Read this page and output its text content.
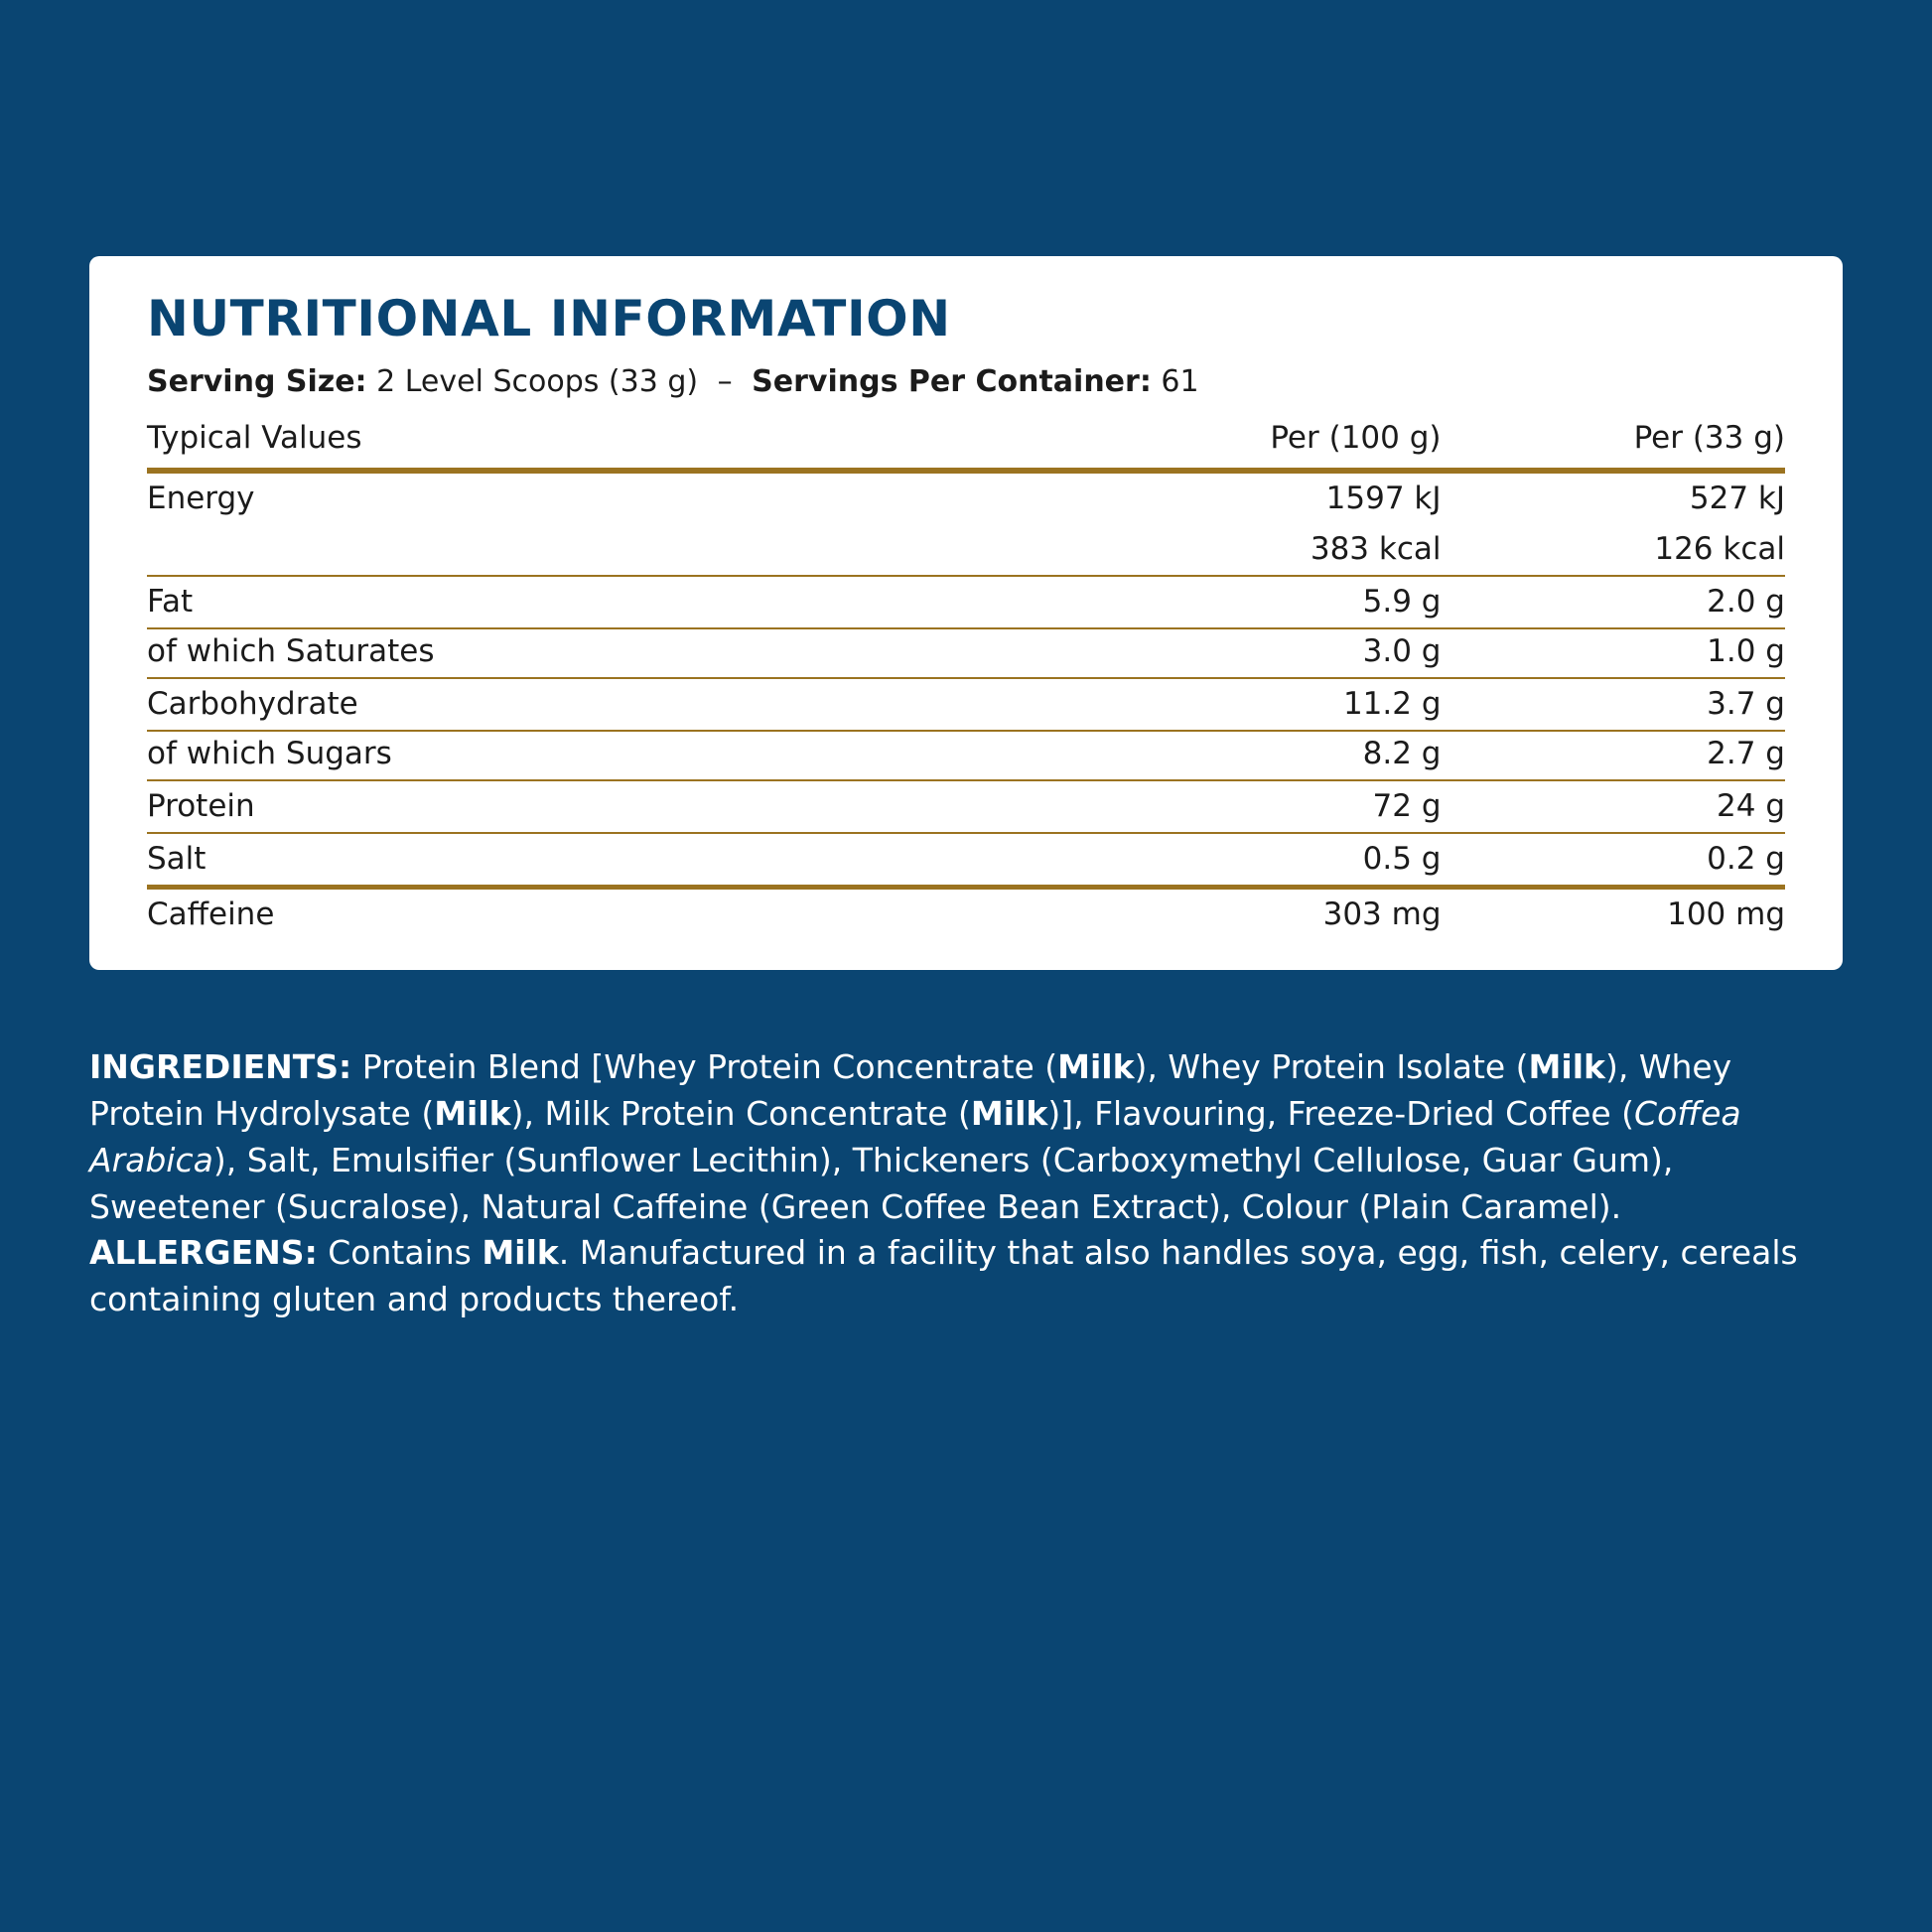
NUTRITIONAL INFORMATION
Serving Size: 2 Level Scoops (33 g) – Servings Per Container: 61
Typical Values	Per (100 g)	Per (33 g)
Energy	1597 kJ	527 kJ
	383 kcal	126 kcal
Fat	5.9 g	2.0 g
of which Saturates	3.0 g	1.0 g
Carbohydrate	11.2 g	3.7 g
of which Sugars	8.2 g	2.7 g
Protein	72 g	24 g
Salt	0.5 g	0.2 g
Caffeine	303 mg	100 mg

INGREDIENTS: Protein Blend [Whey Protein Concentrate (Milk), Whey Protein Isolate (Milk), Whey Protein Hydrolysate (Milk), Milk Protein Concentrate (Milk)], Flavouring, Freeze-Dried Coffee (Coffea Arabica), Salt, Emulsifier (Sunflower Lecithin), Thickeners (Carboxymethyl Cellulose, Guar Gum), Sweetener (Sucralose), Natural Caffeine (Green Coffee Bean Extract), Colour (Plain Caramel). ALLERGENS: Contains Milk. Manufactured in a facility that also handles soya, egg, fish, celery, cereals containing gluten and products thereof.
